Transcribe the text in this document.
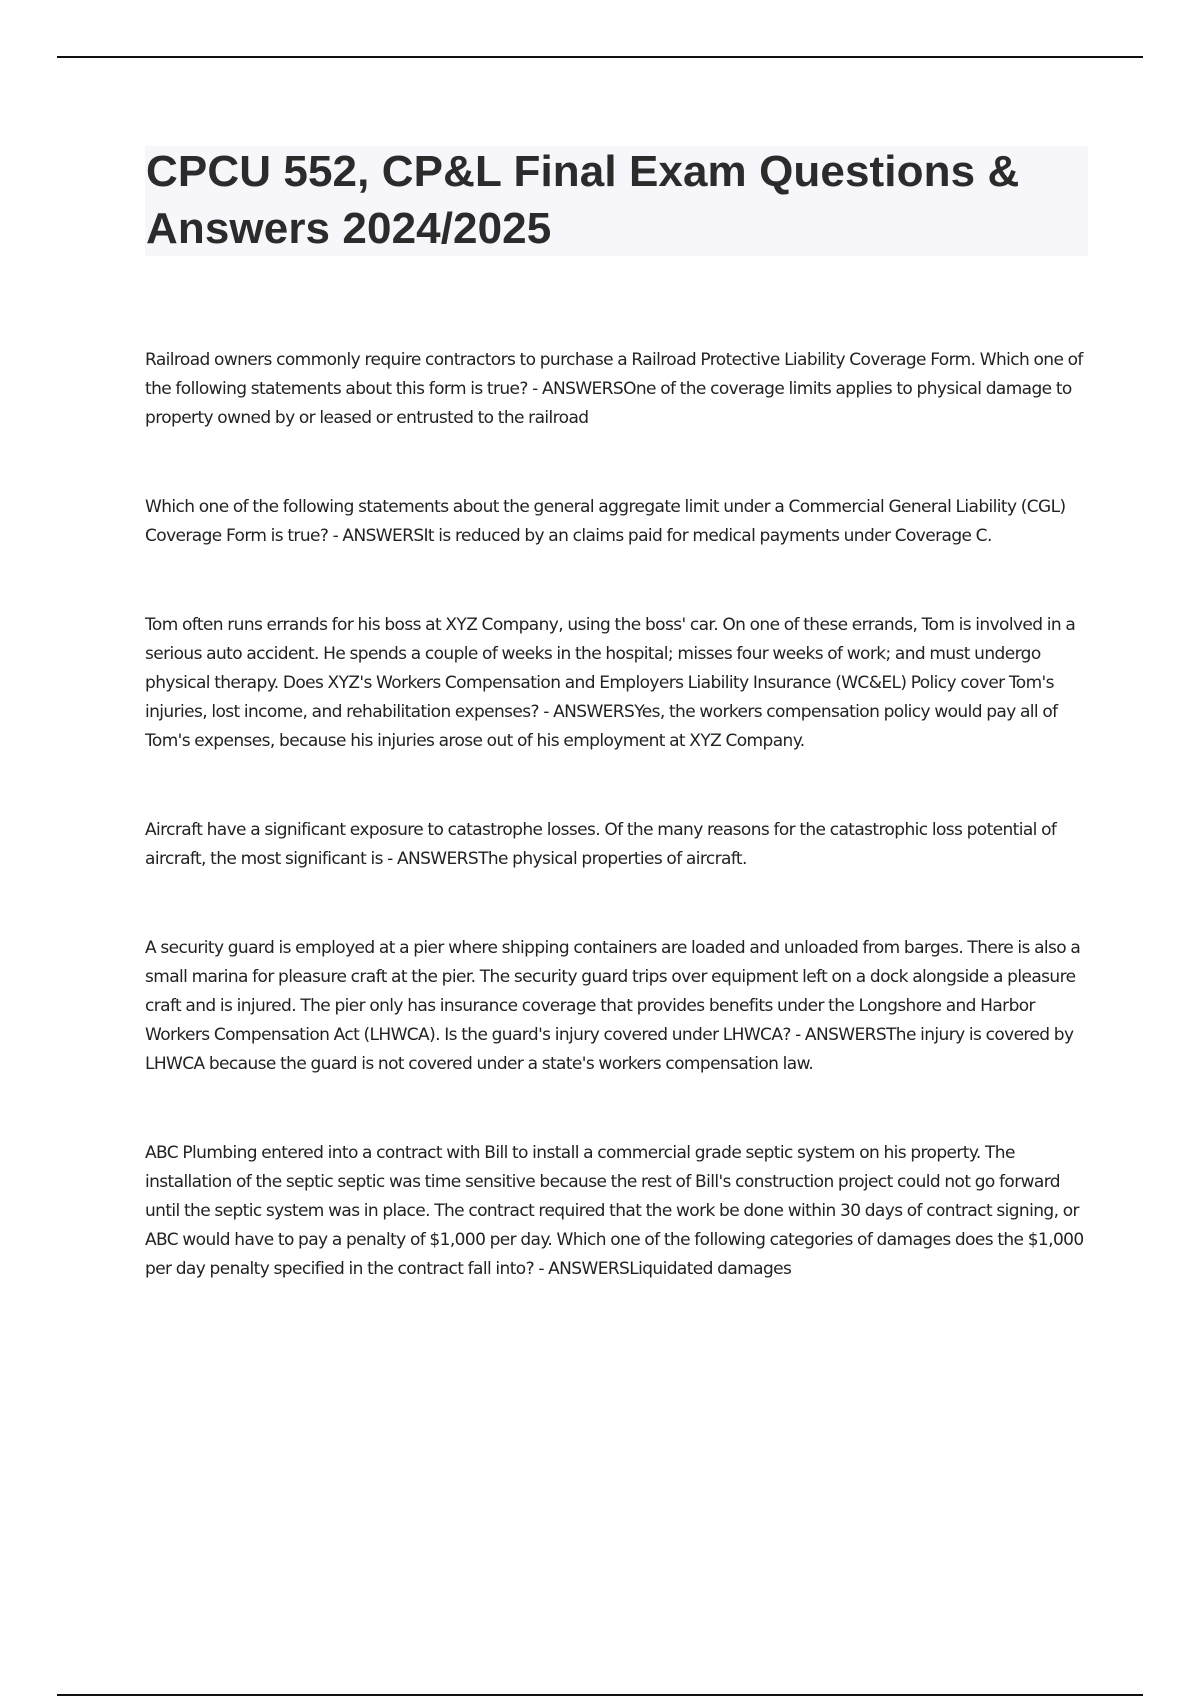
CPCU 552, CP&L Final Exam Questions & Answers 2024/2025

Railroad owners commonly require contractors to purchase a Railroad Protective Liability Coverage Form. Which one of the following statements about this form is true? - ANSWERSOne of the coverage limits applies to physical damage to property owned by or leased or entrusted to the railroad

Which one of the following statements about the general aggregate limit under a Commercial General Liability (CGL) Coverage Form is true? - ANSWERSIt is reduced by an claims paid for medical payments under Coverage C.

Tom often runs errands for his boss at XYZ Company, using the boss' car. On one of these errands, Tom is involved in a serious auto accident. He spends a couple of weeks in the hospital; misses four weeks of work; and must undergo physical therapy. Does XYZ's Workers Compensation and Employers Liability Insurance (WC&EL) Policy cover Tom's injuries, lost income, and rehabilitation expenses? - ANSWERSYes, the workers compensation policy would pay all of Tom's expenses, because his injuries arose out of his employment at XYZ Company.

Aircraft have a significant exposure to catastrophe losses. Of the many reasons for the catastrophic loss potential of aircraft, the most significant is - ANSWERSThe physical properties of aircraft.

A security guard is employed at a pier where shipping containers are loaded and unloaded from barges. There is also a small marina for pleasure craft at the pier. The security guard trips over equipment left on a dock alongside a pleasure craft and is injured. The pier only has insurance coverage that provides benefits under the Longshore and Harbor Workers Compensation Act (LHWCA). Is the guard's injury covered under LHWCA? - ANSWERSThe injury is covered by LHWCA because the guard is not covered under a state's workers compensation law.

ABC Plumbing entered into a contract with Bill to install a commercial grade septic system on his property. The installation of the septic septic was time sensitive because the rest of Bill's construction project could not go forward until the septic system was in place. The contract required that the work be done within 30 days of contract signing, or ABC would have to pay a penalty of $1,000 per day. Which one of the following categories of damages does the $1,000 per day penalty specified in the contract fall into? - ANSWERSLiquidated damages
